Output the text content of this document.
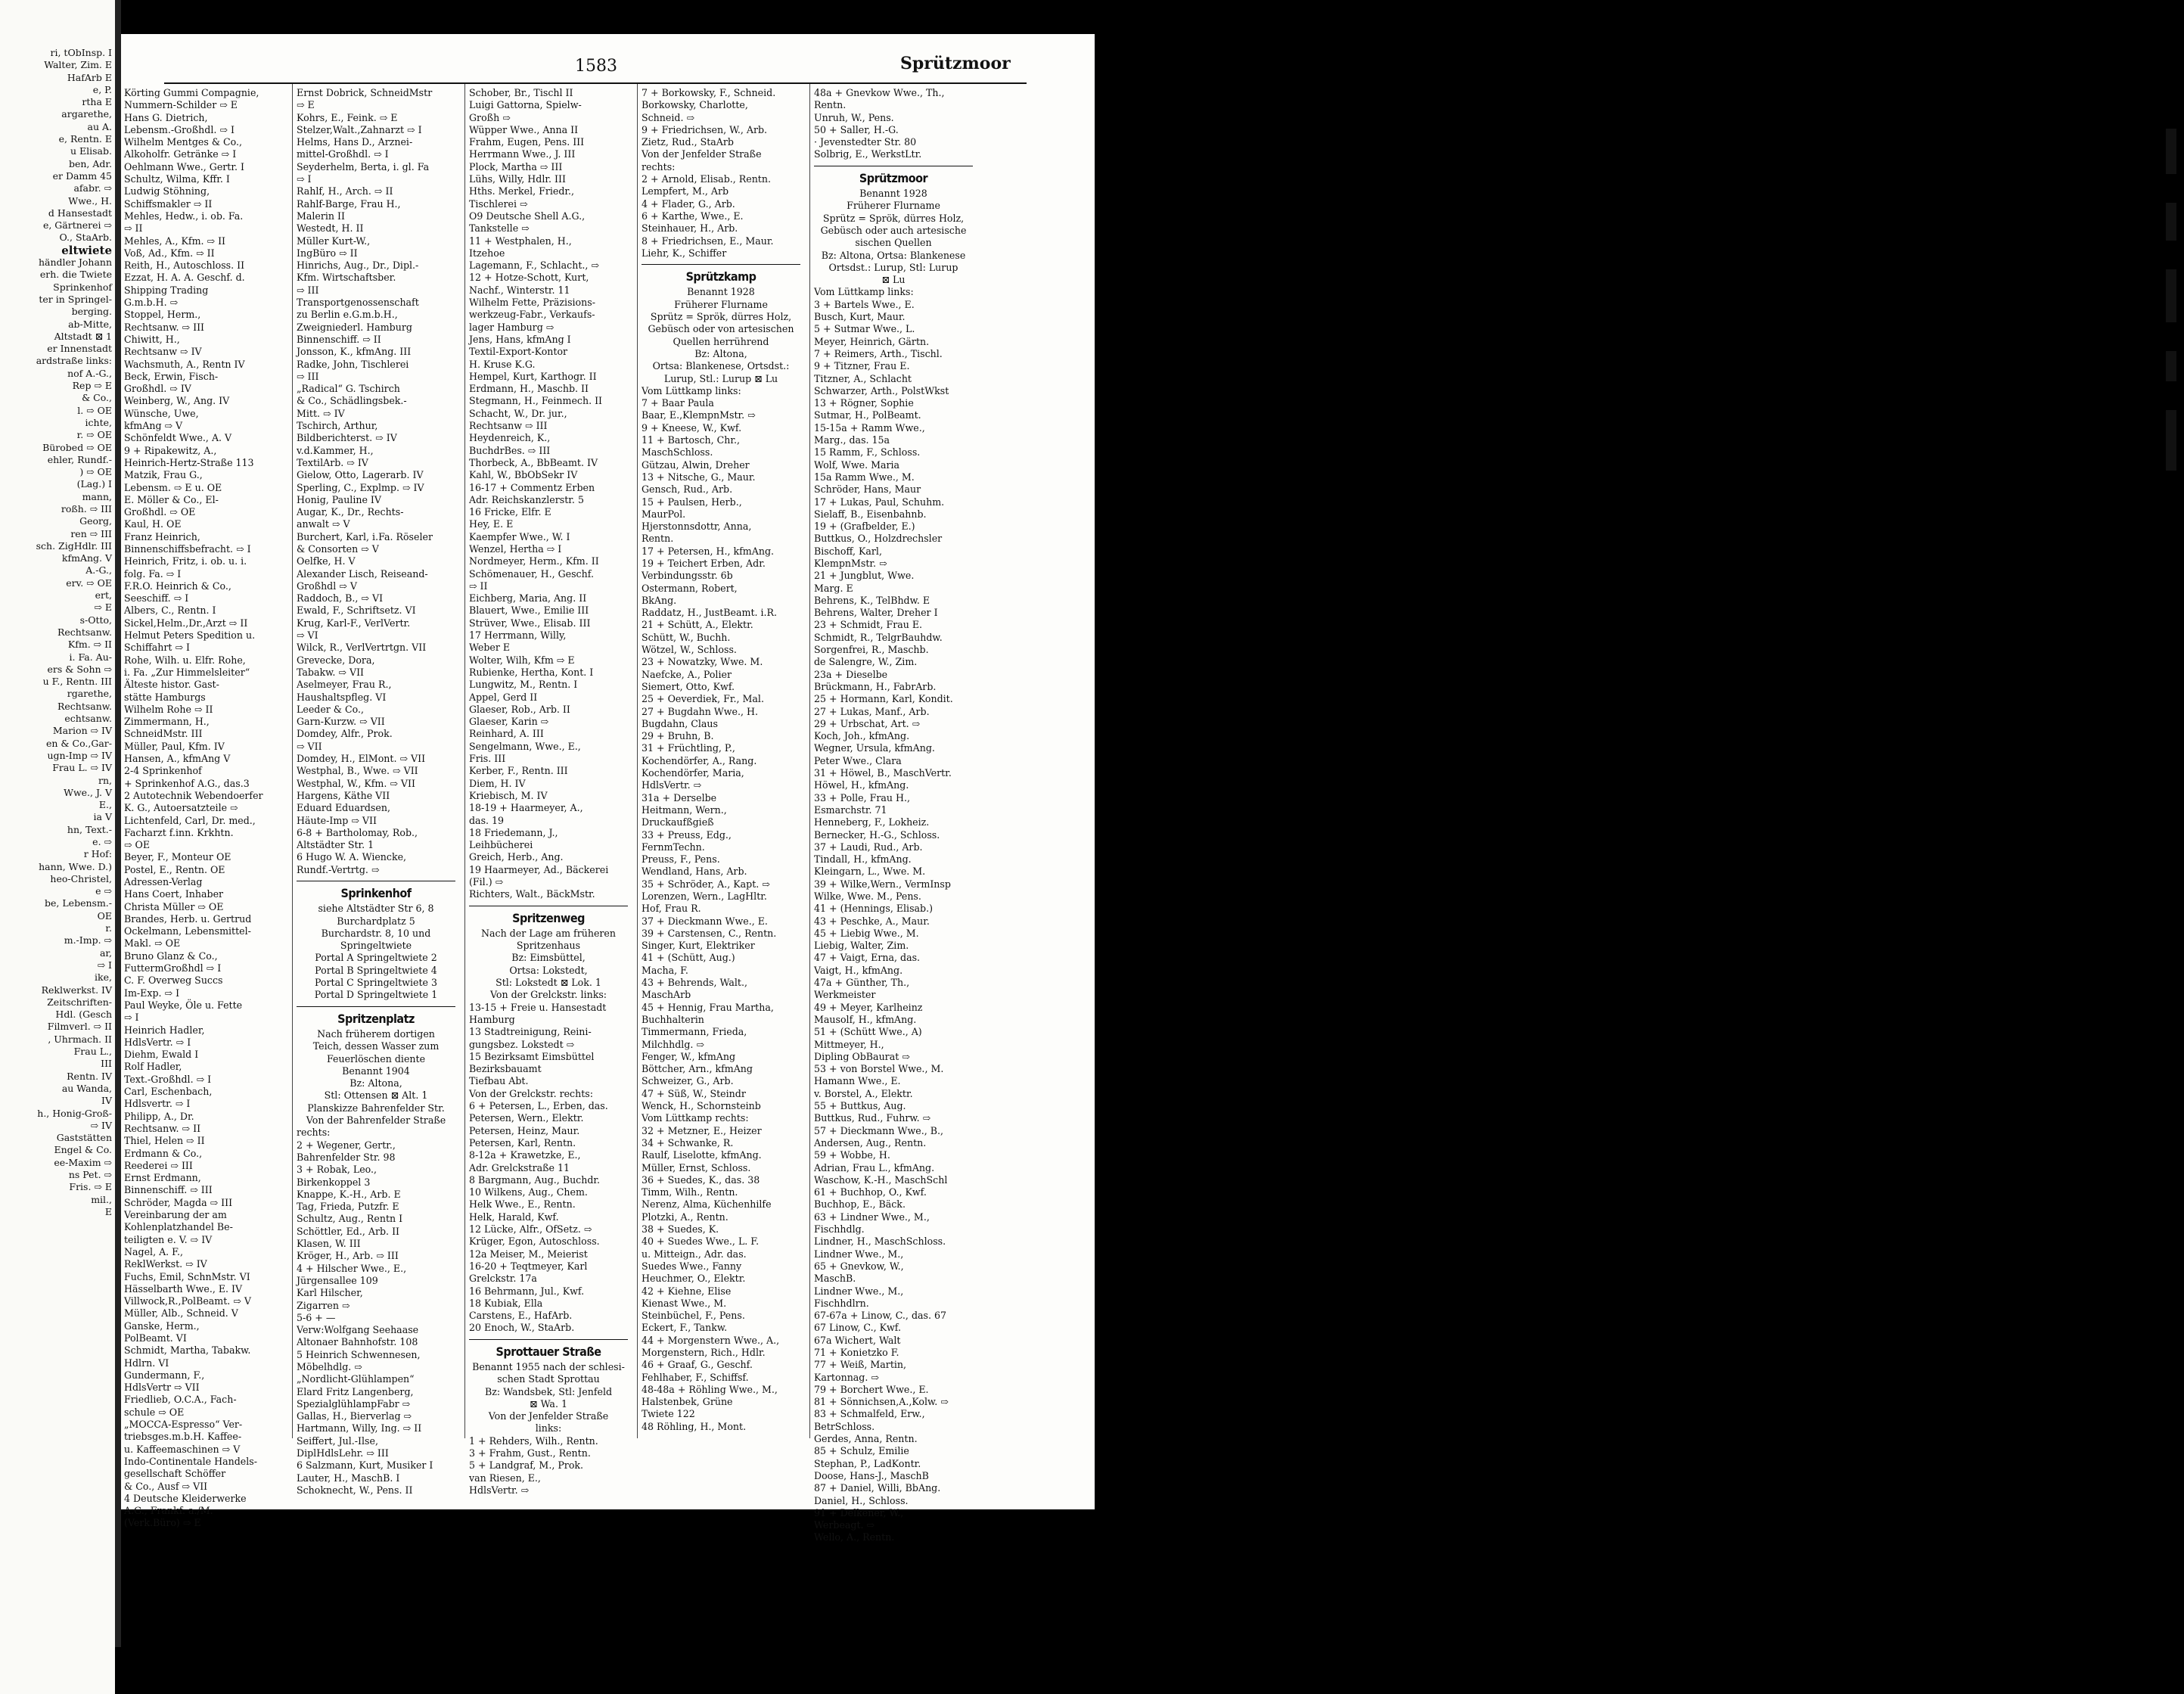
ri, tObInsp. I
Walter, Zim. E
HafArb E
e, P.
rtha E
argarethe,
au A.
e, Rentn. E
u Elisab.
ben, Adr.
er Damm 45
afabr. ⇨
Wwe., H.
d Hansestadt
e, Gärtnerei ⇨
O., StaArb.
eltwiete
händler Johann
erh. die Twiete
Sprinkenhof
ter in Springel-
berging.
ab-Mitte,
Altstadt ⊠ 1
er Innenstadt
ardstraße links:
nof A.-G.,
Rep ⇨ E
& Co.,
l. ⇨ OE
ichte,
r. ⇨ OE
Bürobed ⇨ OE
ehler, Rundf.-
) ⇨ OE
(Lag.) I
mann,
roßh. ⇨ III
Georg,
ren ⇨ III
sch. ZigHdlr. III
kfmAng. V
A.-G.,
erv. ⇨ OE
ert,
⇨ E
s-Otto,
Rechtsanw.
Kfm. ⇨ II
i. Fa. Au-
ers & Sohn ⇨
u F., Rentn. III
rgarethe,
Rechtsanw.
echtsanw.
Marion ⇨ IV
en & Co.,Gar-
ugn-Imp ⇨ IV
Frau L. ⇨ IV
rn,
Wwe., J. V
E.,
ia V
hn, Text.-
e. ⇨
r Hof:
hann, Wwe. D.)
heo-Christel,
e ⇨
be, Lebensm.-
OE
r.
m.-Imp. ⇨
ar,
⇨ I
ike,
Reklwerkst. IV
Zeitschriften-
Hdl. (Gesch
Filmverl. ⇨ II
, Uhrmach. II
Frau L.,
III
Rentn. IV
au Wanda,
IV
h., Honig-Groß-
⇨ IV
Gaststätten
Engel & Co.
ee-Maxim ⇨
ns Pet. ⇨
Fris. ⇨ E
mil.,
E
1583	Sprützmoor
Körting Gummi Compagnie,
Nummern-Schilder ⇨ E
Hans G. Dietrich,
Lebensm.-Großhdl. ⇨ I
Wilhelm Mentges & Co.,
Alkoholfr. Getränke ⇨ I
Oehlmann Wwe., Gertr. I
Schultz, Wilma, Kffr. I
Ludwig Stöhning,
Schiffsmakler ⇨ II
Mehles, Hedw., i. ob. Fa.
⇨ II
Mehles, A., Kfm. ⇨ II
Voß, Ad., Kfm. ⇨ II
Reith, H., Autoschloss. II
Ezzat, H. A. A. Geschf. d.
Shipping Trading
G.m.b.H. ⇨
Stoppel, Herm.,
Rechtsanw. ⇨ III
Chiwitt, H.,
Rechtsanw ⇨ IV
Wachsmuth, A., Rentn IV
Beck, Erwin, Fisch-
Großhdl. ⇨ IV
Weinberg, W., Ang. IV
Wünsche, Uwe,
kfmAng ⇨ V
Schönfeldt Wwe., A. V
9 + Ripakewitz, A.,
Heinrich-Hertz-Straße 113
Matzik, Frau G.,
Lebensm. ⇨ E u. OE
E. Möller & Co., El-
Großhdl. ⇨ OE
Kaul, H. OE
Franz Heinrich,
Binnenschiffsbefracht. ⇨ I
Heinrich, Fritz, i. ob. u. i.
folg. Fa. ⇨ I
F.R.O. Heinrich & Co.,
Seeschiff. ⇨ I
Albers, C., Rentn. I
Sickel,Helm.,Dr.,Arzt ⇨ II
Helmut Peters Spedition u.
Schiffahrt ⇨ I
Rohe, Wilh. u. Elfr. Rohe,
i. Fa. „Zur Himmelsleiter“
Älteste histor. Gast-
stätte Hamburgs
Wilhelm Rohe ⇨ II
Zimmermann, H.,
SchneidMstr. III
Müller, Paul, Kfm. IV
Hansen, A., kfmAng V
2-4 Sprinkenhof
+ Sprinkenhof A.G., das.3
2 Autotechnik Webendoerfer
K. G., Autoersatzteile ⇨
Lichtenfeld, Carl, Dr. med.,
Facharzt f.inn. Krkhtn.
⇨ OE
Beyer, F., Monteur OE
Postel, E., Rentn. OE
Adressen-Verlag
Hans Coert, Inhaber
Christa Müller ⇨ OE
Brandes, Herb. u. Gertrud
Ockelmann, Lebensmittel-
Makl. ⇨ OE
Bruno Glanz & Co.,
FuttermGroßhdl ⇨ I
C. F. Overweg Succs
Im-Exp. ⇨ I
Paul Weyke, Öle u. Fette
⇨ I
Heinrich Hadler,
HdlsVertr. ⇨ I
Diehm, Ewald I
Rolf Hadler,
Text.-Großhdl. ⇨ I
Carl, Eschenbach,
Hdlsvertr. ⇨ I
Philipp, A., Dr.
Rechtsanw. ⇨ II
Thiel, Helen ⇨ II
Erdmann & Co.,
Reederei ⇨ III
Ernst Erdmann,
Binnenschiff. ⇨ III
Schröder, Magda ⇨ III
Vereinbarung der am
Kohlenplatzhandel Be-
teiligten e. V. ⇨ IV
Nagel, A. F.,
ReklWerkst. ⇨ IV
Fuchs, Emil, SchnMstr. VI
Hässelbarth Wwe., E. IV
Villwock,R.,PolBeamt. ⇨ V
Müller, Alb., Schneid. V
Ganske, Herm.,
PolBeamt. VI
Schmidt, Martha, Tabakw.
Hdlrn. VI
Gundermann, F.,
HdlsVertr ⇨ VII
Friedlieb, O.C.A., Fach-
schule ⇨ OE
„MOCCA-Espresso“ Ver-
triebsges.m.b.H. Kaffee-
u. Kaffeemaschinen ⇨ V
Indo-Continentale Handels-
gesellschaft Schöffer
& Co., Ausf ⇨ VII
4 Deutsche Kleiderwerke
A.G., Frankf. a./M.
(Verk.Büro) ⇨ E
Ernst Dobrick, SchneidMstr
⇨ E
Kohrs, E., Feink. ⇨ E
Stelzer,Walt.,Zahnarzt ⇨ I
Helms, Hans D., Arznei-
mittel-Großhdl. ⇨ I
Seyderhelm, Berta, i. gl. Fa
⇨ I
Rahlf, H., Arch. ⇨ II
Rahlf-Barge, Frau H.,
Malerin II
Westedt, H. II
Müller Kurt-W.,
IngBüro ⇨ II
Hinrichs, Aug., Dr., Dipl.-
Kfm. Wirtschaftsber.
⇨ III
Transportgenossenschaft
zu Berlin e.G.m.b.H.,
Zweigniederl. Hamburg
Binnenschiff. ⇨ II
Jonsson, K., kfmAng. III
Radke, John, Tischlerei
⇨ III
„Radical“ G. Tschirch
& Co., Schädlingsbek.-
Mitt. ⇨ IV
Tschirch, Arthur,
Bildberichterst. ⇨ IV
v.d.Kammer, H.,
TextilArb. ⇨ IV
Gielow, Otto, Lagerarb. IV
Sperling, C., Explmp. ⇨ IV
Honig, Pauline IV
Augar, K., Dr., Rechts-
anwalt ⇨ V
Burchert, Karl, i.Fa. Röseler
& Consorten ⇨ V
Oelfke, H. V
Alexander Lisch, Reiseand-
Großhdl ⇨ V
Raddoch, B., ⇨ VI
Ewald, F., Schriftsetz. VI
Krug, Karl-F., VerlVertr.
⇨ VI
Wilck, R., VerlVertrtgn. VII
Grevecke, Dora,
Tabakw. ⇨ VII
Aselmeyer, Frau R.,
Haushaltspfleg. VI
Leeder & Co.,
Garn-Kurzw. ⇨ VII
Domdey, Alfr., Prok.
⇨ VII
Domdey, H., ElMont. ⇨ VII
Westphal, B., Wwe. ⇨ VII
Westphal, W., Kfm. ⇨ VII
Hargens, Käthe VII
Eduard Eduardsen,
Häute-Imp ⇨ VII
6-8 + Bartholomay, Rob.,
Altstädter Str. 1
6 Hugo W. A. Wiencke,
Rundf.-Vertrtg. ⇨
Sprinkenhof
siehe Altstädter Str 6, 8
Burchardplatz 5
Burchardstr. 8, 10 und
Springeltwiete
Portal A Springeltwiete 2
Portal B Springeltwiete 4
Portal C Springeltwiete 3
Portal D Springeltwiete 1
Spritzenplatz
Nach früherem dortigen
Teich, dessen Wasser zum
Feuerlöschen diente
Benannt 1904
Bz: Altona,
Stl: Ottensen ⊠ Alt. 1
Planskizze Bahrenfelder Str.
Von der Bahrenfelder Straße
rechts:
2 + Wegener, Gertr.,
Bahrenfelder Str. 98
3 + Robak, Leo.,
Birkenkoppel 3
Knappe, K.-H., Arb. E
Tag, Frieda, Putzfr. E
Schultz, Aug., Rentn I
Schöttler, Ed., Arb. II
Klasen, W. III
Kröger, H., Arb. ⇨ III
4 + Hilscher Wwe., E.,
Jürgensallee 109
Karl Hilscher,
Zigarren ⇨
5-6 + —
Verw:Wolfgang Seehaase
Altonaer Bahnhofstr. 108
5 Heinrich Schwennesen,
Möbelhdlg. ⇨
„Nordlicht-Glühlampen“
Elard Fritz Langenberg,
SpezialglühlampFabr ⇨
Gallas, H., Bierverlag ⇨
Hartmann, Willy, Ing. ⇨ II
Seiffert, Jul.-Ilse,
DiplHdlsLehr. ⇨ III
6 Salzmann, Kurt, Musiker I
Lauter, H., MaschB. I
Schoknecht, W., Pens. II
Schober, Br., Tischl II
Luigi Gattorna, Spielw-
Großh ⇨
Wüpper Wwe., Anna II
Frahm, Eugen, Pens. III
Herrmann Wwe., J. III
Plock, Martha ⇨ III
Lühs, Willy, Hdlr. III
Hths. Merkel, Friedr.,
Tischlerei ⇨
O9 Deutsche Shell A.G.,
Tankstelle ⇨
11 + Westphalen, H.,
Itzehoe
Lagemann, F., Schlacht., ⇨
12 + Hotze-Schott, Kurt,
Nachf., Winterstr. 11
Wilhelm Fette, Präzisions-
werkzeug-Fabr., Verkaufs-
lager Hamburg ⇨
Jens, Hans, kfmAng I
Textil-Export-Kontor
H. Kruse K.G.
Hempel, Kurt, Karthogr. II
Erdmann, H., Maschb. II
Stegmann, H., Feinmech. II
Schacht, W., Dr. jur.,
Rechtsanw ⇨ III
Heydenreich, K.,
BuchdrBes. ⇨ III
Thorbeck, A., BbBeamt. IV
Kahl, W., BbObSekr IV
16-17 + Commentz Erben
Adr. Reichskanzlerstr. 5
16 Fricke, Elfr. E
Hey, E. E
Kaempfer Wwe., W. I
Wenzel, Hertha ⇨ I
Nordmeyer, Herm., Kfm. II
Schömenauer, H., Geschf.
⇨ II
Eichberg, Maria, Ang. II
Blauert, Wwe., Emilie III
Strüver, Wwe., Elisab. III
17 Herrmann, Willy,
Weber E
Wolter, Wilh, Kfm ⇨ E
Rubienke, Hertha, Kont. I
Lungwitz, M., Rentn. I
Appel, Gerd II
Glaeser, Rob., Arb. II
Glaeser, Karin ⇨
Reinhard, A. III
Sengelmann, Wwe., E.,
Fris. III
Kerber, F., Rentn. III
Diem, H. IV
Kriebisch, M. IV
18-19 + Haarmeyer, A.,
das. 19
18 Friedemann, J.,
Leihbücherei
Greich, Herb., Ang.
19 Haarmeyer, Ad., Bäckerei
(Fil.) ⇨
Richters, Walt., BäckMstr.
Spritzenweg
Nach der Lage am früheren
Spritzenhaus
Bz: Eimsbüttel,
Ortsa: Lokstedt,
Stl: Lokstedt ⊠ Lok. 1
Von der Grelckstr. links:
13-15 + Freie u. Hansestadt
Hamburg
13 Stadtreinigung, Reini-
gungsbez. Lokstedt ⇨
15 Bezirksamt Eimsbüttel
Bezirksbauamt
Tiefbau Abt.
Von der Grelckstr. rechts:
6 + Petersen, L., Erben, das.
Petersen, Wern., Elektr.
Petersen, Heinz, Maur.
Petersen, Karl, Rentn.
8-12a + Krawetzke, E.,
Adr. Grelckstraße 11
8 Bargmann, Aug., Buchdr.
10 Wilkens, Aug., Chem.
Helk Wwe., E., Rentn.
Helk, Harald, Kwf.
12 Lücke, Alfr., OfSetz. ⇨
Krüger, Egon, Autoschloss.
12a Meiser, M., Meierist
16-20 + Teqtmeyer, Karl
Grelckstr. 17a
16 Behrmann, Jul., Kwf.
18 Kubiak, Ella
Carstens, E., HafArb.
20 Enoch, W., StaArb.
Sprottauer Straße
Benannt 1955 nach der schlesi-
schen Stadt Sprottau
Bz: Wandsbek, Stl: Jenfeld
⊠ Wa. 1
Von der Jenfelder Straße
links:
1 + Rehders, Wilh., Rentn.
3 + Frahm, Gust., Rentn.
5 + Landgraf, M., Prok.
van Riesen, E.,
HdlsVertr. ⇨
7 + Borkowsky, F., Schneid.
Borkowsky, Charlotte,
Schneid. ⇨
9 + Friedrichsen, W., Arb.
Zietz, Rud., StaArb
Von der Jenfelder Straße
rechts:
2 + Arnold, Elisab., Rentn.
Lempfert, M., Arb
4 + Flader, G., Arb.
6 + Karthe, Wwe., E.
Steinhauer, H., Arb.
8 + Friedrichsen, E., Maur.
Liehr, K., Schiffer
Sprützkamp
Benannt 1928
Früherer Flurname
Sprütz = Sprök, dürres Holz,
Gebüsch oder von artesischen
Quellen herrührend
Bz: Altona,
Ortsa: Blankenese, Ortsdst.:
Lurup, Stl.: Lurup ⊠ Lu
Vom Lüttkamp links:
7 + Baar Paula
Baar, E.,KlempnMstr. ⇨
9 + Kneese, W., Kwf.
11 + Bartosch, Chr.,
MaschSchloss.
Gützau, Alwin, Dreher
13 + Nitsche, G., Maur.
Gensch, Rud., Arb.
15 + Paulsen, Herb.,
MaurPol.
Hjerstonnsdottr, Anna,
Rentn.
17 + Petersen, H., kfmAng.
19 + Teichert Erben, Adr.
Verbindungsstr. 6b
Ostermann, Robert,
BkAng.
Raddatz, H., JustBeamt. i.R.
21 + Schütt, A., Elektr.
Schütt, W., Buchh.
Wötzel, W., Schloss.
23 + Nowatzky, Wwe. M.
Naefcke, A., Polier
Siemert, Otto, Kwf.
25 + Oeverdiek, Fr., Mal.
27 + Bugdahn Wwe., H.
Bugdahn, Claus
29 + Bruhn, B.
31 + Früchtling, P.,
Kochendörfer, A., Rang.
Kochendörfer, Maria,
HdlsVertr. ⇨
31a + Derselbe
Heitmann, Wern.,
Druckaufßgieß
33 + Preuss, Edg.,
FernmTechn.
Preuss, F., Pens.
Wendland, Hans, Arb.
35 + Schröder, A., Kapt. ⇨
Lorenzen, Wern., LagHltr.
Hof, Frau R.
37 + Dieckmann Wwe., E.
39 + Carstensen, C., Rentn.
Singer, Kurt, Elektriker
41 + (Schütt, Aug.)
Macha, F.
43 + Behrends, Walt.,
MaschArb
45 + Hennig, Frau Martha,
Buchhalterin
Timmermann, Frieda,
Milchhdlg. ⇨
Fenger, W., kfmAng
Böttcher, Arn., kfmAng
Schweizer, G., Arb.
47 + Süß, W., Steindr
Wenck, H., Schornsteinb
Vom Lüttkamp rechts:
32 + Metzner, E., Heizer
34 + Schwanke, R.
Raulf, Liselotte, kfmAng.
Müller, Ernst, Schloss.
36 + Suedes, K., das. 38
Timm, Wilh., Rentn.
Nerenz, Alma, Küchenhilfe
Plotzki, A., Rentn.
38 + Suedes, K.
40 + Suedes Wwe., L. F.
u. Mitteign., Adr. das.
Suedes Wwe., Fanny
Heuchmer, O., Elektr.
42 + Kiehne, Elise
Kienast Wwe., M.
Steinbüchel, F., Pens.
Eckert, F., Tankw.
44 + Morgenstern Wwe., A.,
Morgenstern, Rich., Hdlr.
46 + Graaf, G., Geschf.
Fehlhaber, F., Schiffsf.
48-48a + Röhling Wwe., M.,
Halstenbek, Grüne
Twiete 122
48 Röhling, H., Mont.
48a + Gnevkow Wwe., Th.,
Rentn.
Unruh, W., Pens.
50 + Saller, H.-G.
· Jevenstedter Str. 80
Solbrig, E., WerkstLtr.
Sprützmoor
Benannt 1928
Früherer Flurname
Sprütz = Sprök, dürres Holz,
Gebüsch oder auch artesische
sischen Quellen
Bz: Altona, Ortsa: Blankenese
Ortsdst.: Lurup, Stl: Lurup
⊠ Lu
Vom Lüttkamp links:
3 + Bartels Wwe., E.
Busch, Kurt, Maur.
5 + Sutmar Wwe., L.
Meyer, Heinrich, Gärtn.
7 + Reimers, Arth., Tischl.
9 + Titzner, Frau E.
Titzner, A., Schlacht
Schwarzer, Arth., PolstWkst
13 + Rögner, Sophie
Sutmar, H., PolBeamt.
15-15a + Ramm Wwe.,
Marg., das. 15a
15 Ramm, F., Schloss.
Wolf, Wwe. Maria
15a Ramm Wwe., M.
Schröder, Hans, Maur
17 + Lukas, Paul, Schuhm.
Sielaff, B., Eisenbahnb.
19 + (Grafbelder, E.)
Buttkus, O., Holzdrechsler
Bischoff, Karl,
KlempnMstr. ⇨
21 + Jungblut, Wwe.
Marg. E
Behrens, K., TelBhdw. E
Behrens, Walter, Dreher I
23 + Schmidt, Frau E.
Schmidt, R., TelgrBauhdw.
Sorgenfrei, R., Maschb.
de Salengre, W., Zim.
23a + Dieselbe
Brückmann, H., FabrArb.
25 + Hormann, Karl, Kondit.
27 + Lukas, Manf., Arb.
29 + Urbschat, Art. ⇨
Koch, Joh., kfmAng.
Wegner, Ursula, kfmAng.
Peter Wwe., Clara
31 + Höwel, B., MaschVertr.
Höwel, H., kfmAng.
33 + Polle, Frau H.,
Esmarchstr. 71
Henneberg, F., Lokheiz.
Bernecker, H.-G., Schloss.
37 + Laudi, Rud., Arb.
Tindall, H., kfmAng.
Kleingarn, L., Wwe. M.
39 + Wilke,Wern., VermInsp
Wilke, Wwe. M., Pens.
41 + (Hennings, Elisab.)
43 + Peschke, A., Maur.
45 + Liebig Wwe., M.
Liebig, Walter, Zim.
47 + Vaigt, Erna, das.
Vaigt, H., kfmAng.
47a + Günther, Th.,
Werkmeister
49 + Meyer, Karlheinz
Mausolf, H., kfmAng.
51 + (Schütt Wwe., A)
Mittmeyer, H.,
Dipling ObBaurat ⇨
53 + von Borstel Wwe., M.
Hamann Wwe., E.
v. Borstel, A., Elektr.
55 + Buttkus, Aug.
Buttkus, Rud., Fuhrw. ⇨
57 + Dieckmann Wwe., B.,
Andersen, Aug., Rentn.
59 + Wobbe, H.
Adrian, Frau L., kfmAng.
Waschow, K.-H., MaschSchl
61 + Buchhop, O., Kwf.
Buchhop, E., Bäck.
63 + Lindner Wwe., M.,
Fischhdlg.
Lindner, H., MaschSchloss.
Lindner Wwe., M.,
65 + Gnevkow, W.,
MaschB.
Lindner Wwe., M.,
Fischhdlrn.
67-67a + Linow, C., das. 67
67 Linow, C., Kwf.
67a Wichert, Walt
71 + Konietzko F.
77 + Weiß, Martin,
Kartonnag. ⇨
79 + Borchert Wwe., E.
81 + Sönnichsen,A.,Kolw. ⇨
83 + Schmalfeld, Erw.,
BetrSchloss.
Gerdes, Anna, Rentn.
85 + Schulz, Emilie
Stephan, P., LadKontr.
Doose, Hans-J., MaschB
87 + Daniel, Willi, BbAng.
Daniel, H., Schloss.
91 + Delkener, W.,
Werbeagt. ⇨
Wello, A., Rentn.
